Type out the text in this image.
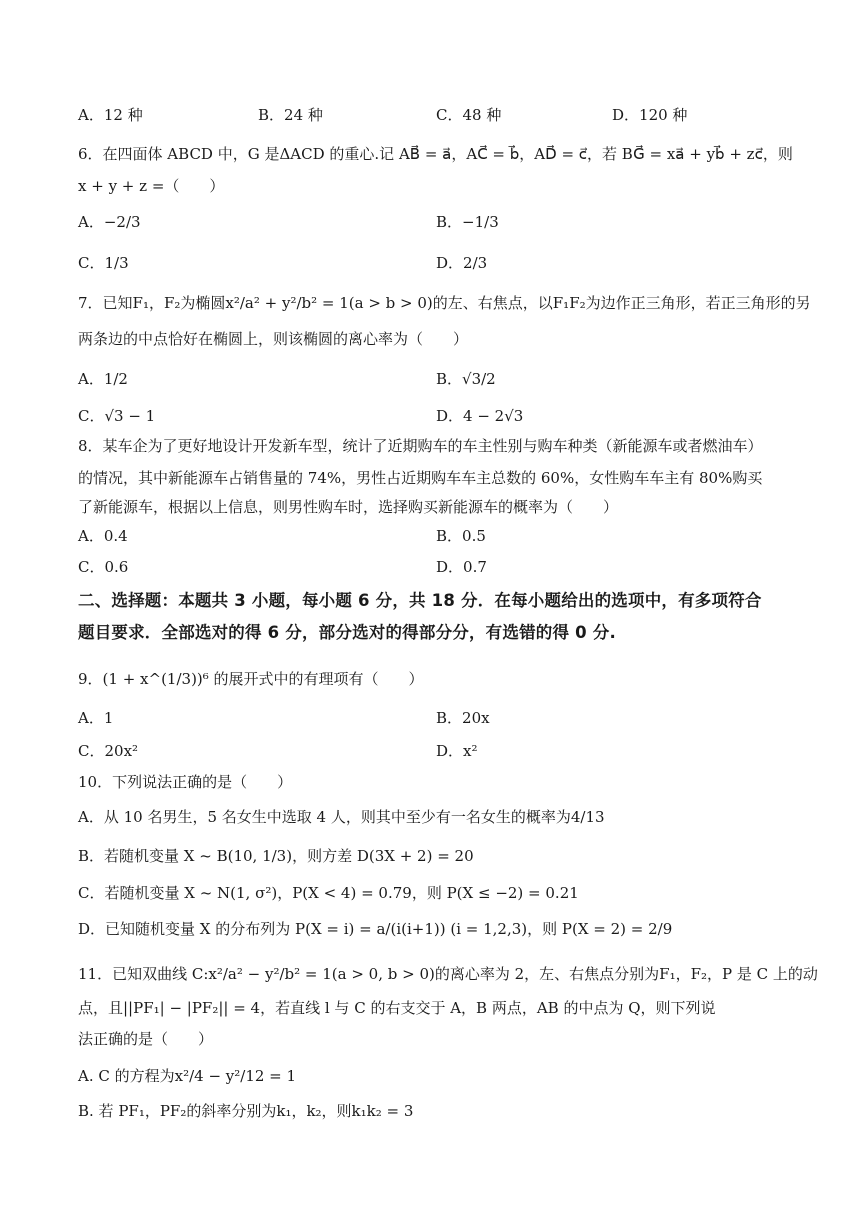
A．12 种	B．24 种	C．48 种	D．120 种
6．在四面体 ABCD 中，G 是ΔACD 的重心.记 AB⃗ = a⃗，AC⃗ = b⃗，AD⃗ = c⃗，若 BG⃗ = xa⃗ + yb⃗ + zc⃗，则
x + y + z =（　　）
A．−2/3	B．−1/3
C．1/3	D．2/3
7．已知F₁，F₂为椭圆x²/a² + y²/b² = 1(a > b > 0)的左、右焦点，以F₁F₂为边作正三角形，若正三角形的另
两条边的中点恰好在椭圆上，则该椭圆的离心率为（　　）
A．1/2	B．√3/2
C．√3 − 1	D．4 − 2√3
8．某车企为了更好地设计开发新车型，统计了近期购车的车主性别与购车种类（新能源车或者燃油车）
的情况，其中新能源车占销售量的 74%，男性占近期购车车主总数的 60%，女性购车车主有 80%购买
了新能源车，根据以上信息，则男性购车时，选择购买新能源车的概率为（　　）
A．0.4	B．0.5
C．0.6	D．0.7
二、选择题：本题共 3 小题，每小题 6 分，共 18 分．在每小题给出的选项中，有多项符合
题目要求．全部选对的得 6 分，部分选对的得部分分，有选错的得 0 分.
9．(1 + x^(1/3))⁶ 的展开式中的有理项有（　　）
A．1	B．20x
C．20x²	D．x²
10．下列说法正确的是（　　）
A．从 10 名男生，5 名女生中选取 4 人，则其中至少有一名女生的概率为4/13
B．若随机变量 X ~ B(10, 1/3)，则方差 D(3X + 2) = 20
C．若随机变量 X ~ N(1, σ²)，P(X < 4) = 0.79，则 P(X ≤ −2) = 0.21
D．已知随机变量 X 的分布列为 P(X = i) = a/(i(i+1)) (i = 1,2,3)，则 P(X = 2) = 2/9
11．已知双曲线 C:x²/a² − y²/b² = 1(a > 0, b > 0)的离心率为 2，左、右焦点分别为F₁，F₂，P 是 C 上的动
点，且||PF₁| − |PF₂|| = 4，若直线 l 与 C 的右支交于 A，B 两点，AB 的中点为 Q，则下列说
法正确的是（　　）
A. C 的方程为x²/4 − y²/12 = 1
B. 若 PF₁，PF₂的斜率分别为k₁，k₂，则k₁k₂ = 3
